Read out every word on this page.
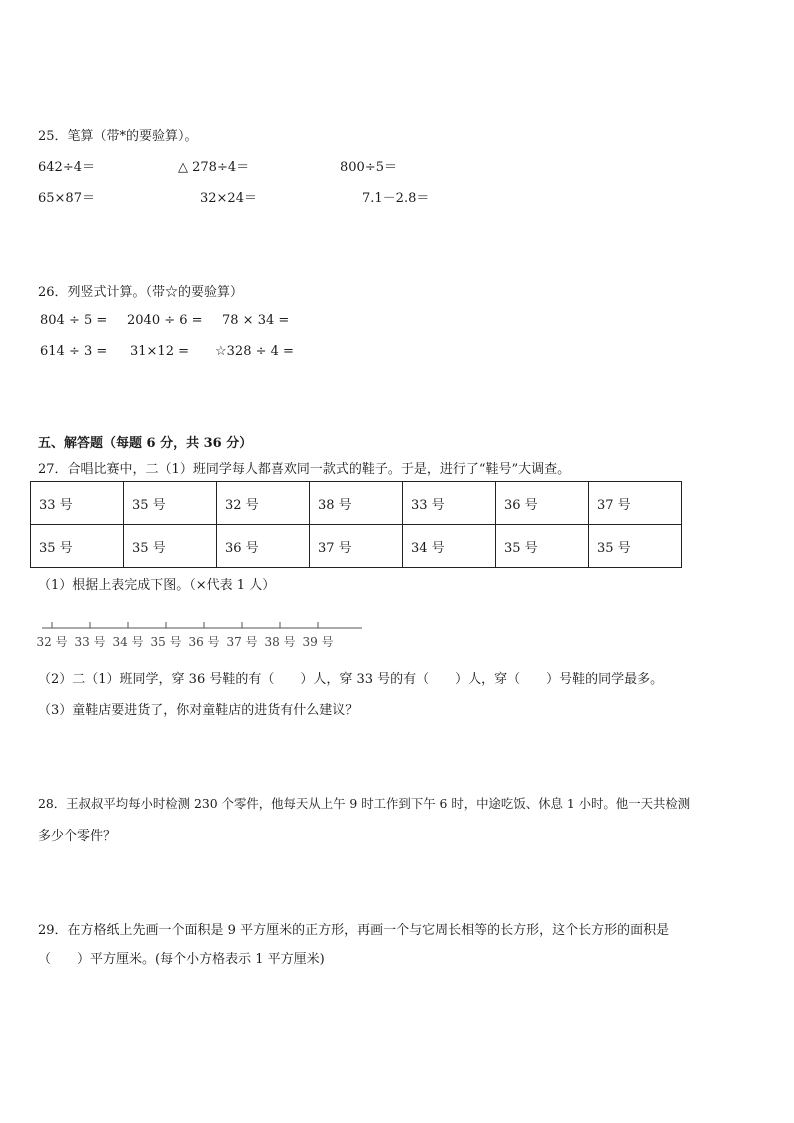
25．笔算（带*的要验算）。
642÷4＝	△ 278÷4＝	800÷5＝
65×87＝	32×24＝	7.1－2.8＝
26．列竖式计算。（带☆的要验算）
804 ÷ 5 = 2040 ÷ 6 = 78 × 34 =
614 ÷ 3 = 31×12 = ☆328 ÷ 4 =
五、解答题（每题 6 分，共 36 分）
27．合唱比赛中，二（1）班同学每人都喜欢同一款式的鞋子。于是，进行了“鞋号”大调查。
33 号	35 号	32 号	38 号	33 号	36 号	37 号
35 号	35 号	36 号	37 号	34 号	35 号	35 号
（1）根据上表完成下图。（×代表 1 人）
32 号 33 号 34 号 35 号 36 号 37 号 38 号 39 号
（2）二（1）班同学，穿 36 号鞋的有（　　）人，穿 33 号的有（　　）人，穿（　　）号鞋的同学最多。
（3）童鞋店要进货了，你对童鞋店的进货有什么建议？
28．王叔叔平均每小时检测 230 个零件，他每天从上午 9 时工作到下午 6 时，中途吃饭、休息 1 小时。他一天共检测
多少个零件？
29．在方格纸上先画一个面积是 9 平方厘米的正方形，再画一个与它周长相等的长方形，这个长方形的面积是
（　　）平方厘米。(每个小方格表示 1 平方厘米)
